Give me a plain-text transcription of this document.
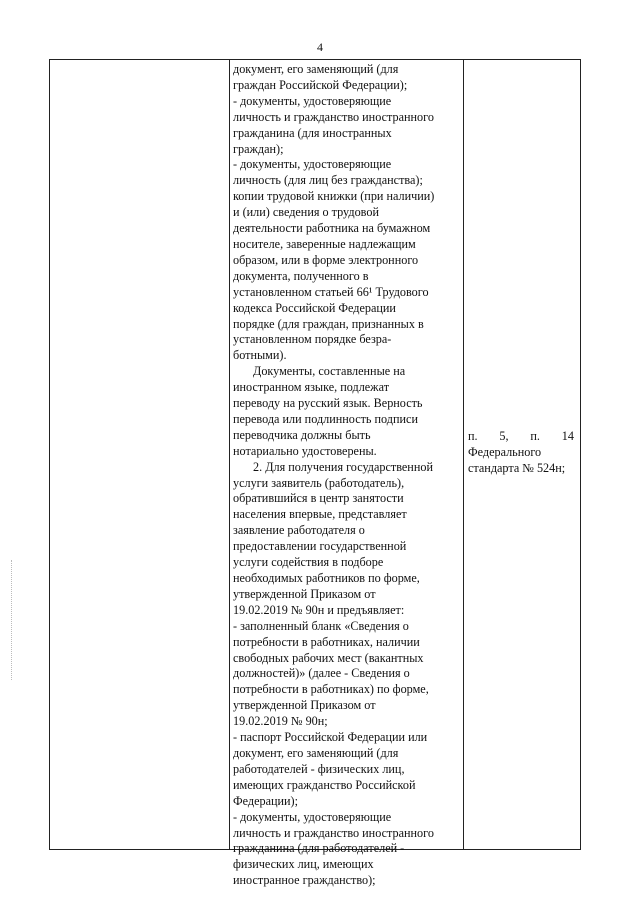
4

документ, его заменяющий (для

граждан Российской Федерации);

- документы, удостоверяющие

личность и гражданство иностранного

гражданина (для иностранных

граждан);

- документы, удостоверяющие

личность (для лиц без гражданства);

копии трудовой книжки (при наличии)

и (или) сведения о трудовой

деятельности работника на бумажном

носителе, заверенные надлежащим

образом, или в форме электронного

документа, полученного в

установленном статьей 66¹ Трудового

кодекса Российской Федерации

порядке (для граждан, признанных в

установленном порядке безра-

ботными).

Документы, составленные на

иностранном языке, подлежат

переводу на русский язык. Верность

перевода или подлинность подписи

переводчика должны быть

нотариально удостоверены.

2. Для получения государственной

услуги заявитель (работодатель),

обратившийся в центр занятости

населения впервые, представляет

заявление работодателя о

предоставлении государственной

услуги содействия в подборе

необходимых работников по форме,

утвержденной Приказом от

19.02.2019 № 90н и предъявляет:

- заполненный бланк «Сведения о

потребности в работниках, наличии

свободных рабочих мест (вакантных

должностей)» (далее - Сведения о

потребности в работниках) по форме,

утвержденной Приказом от

19.02.2019 № 90н;

- паспорт Российской Федерации или

документ, его заменяющий (для

работодателей - физических лиц,

имеющих гражданство Российской

Федерации);

- документы, удостоверяющие

личность и гражданство иностранного

гражданина (для работодателей -

физических лиц, имеющих

иностранное гражданство);

п. 5, п. 14

Федерального

стандарта № 524н;
